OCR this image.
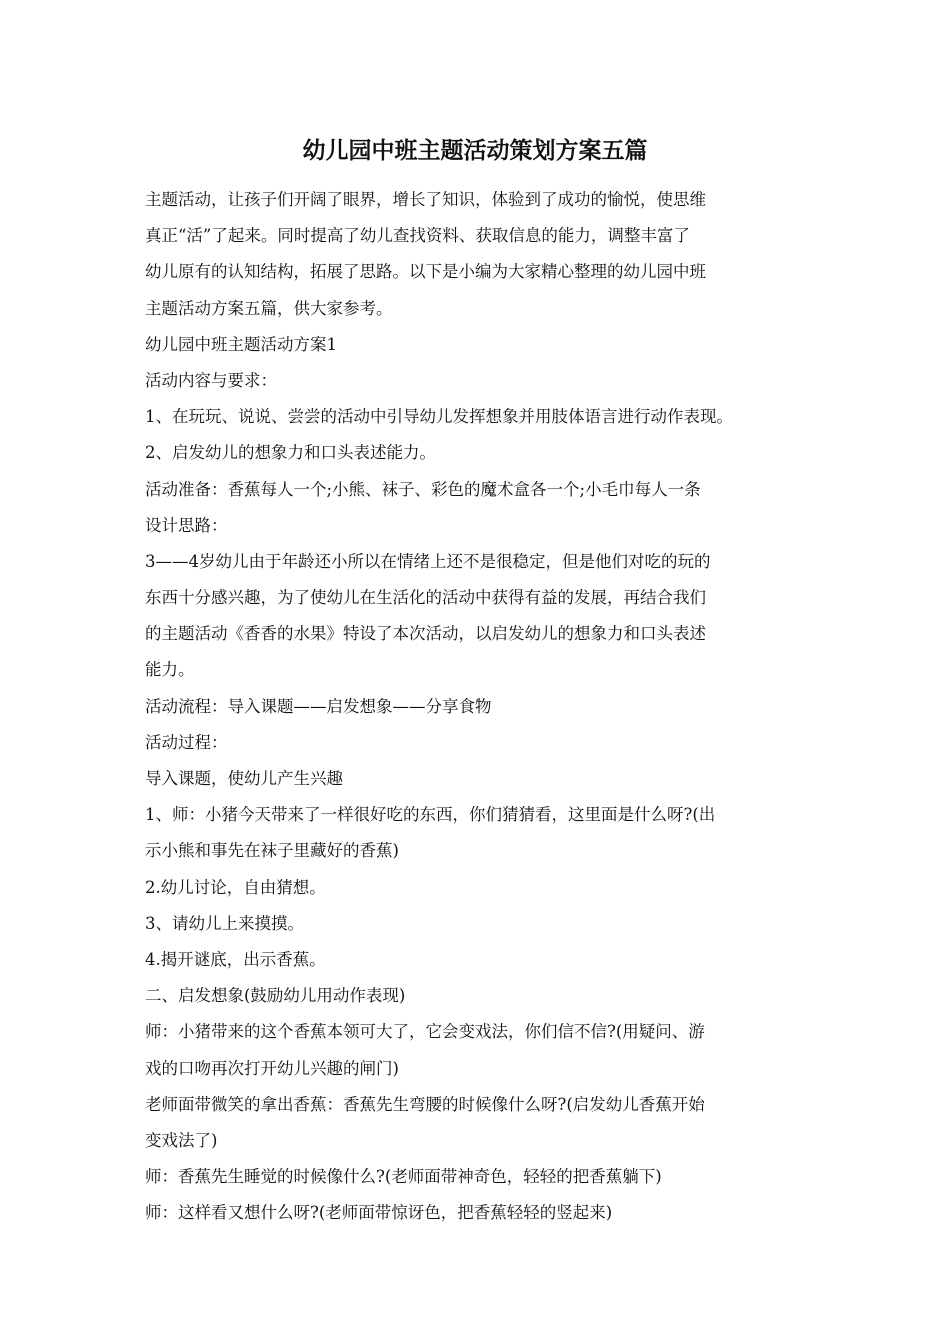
幼儿园中班主题活动策划方案五篇

主题活动，让孩子们开阔了眼界，增长了知识，体验到了成功的愉悦，使思维

真正“活”了起来。同时提高了幼儿查找资料、获取信息的能力，调整丰富了

幼儿原有的认知结构，拓展了思路。以下是小编为大家精心整理的幼儿园中班

主题活动方案五篇，供大家参考。

幼儿园中班主题活动方案1

活动内容与要求：

1、在玩玩、说说、尝尝的活动中引导幼儿发挥想象并用肢体语言进行动作表现。

2、启发幼儿的想象力和口头表述能力。

活动准备：香蕉每人一个;小熊、袜子、彩色的魔术盒各一个;小毛巾每人一条

设计思路：

3——4岁幼儿由于年龄还小所以在情绪上还不是很稳定，但是他们对吃的玩的

东西十分感兴趣，为了使幼儿在生活化的活动中获得有益的发展，再结合我们

的主题活动《香香的水果》特设了本次活动，以启发幼儿的想象力和口头表述

能力。

活动流程：导入课题——启发想象——分享食物

活动过程：

导入课题，使幼儿产生兴趣

1、师：小猪今天带来了一样很好吃的东西，你们猜猜看，这里面是什么呀?(出

示小熊和事先在袜子里藏好的香蕉)

2.幼儿讨论，自由猜想。

3、请幼儿上来摸摸。

4.揭开谜底，出示香蕉。

二、启发想象(鼓励幼儿用动作表现)

师：小猪带来的这个香蕉本领可大了，它会变戏法，你们信不信?(用疑问、游

戏的口吻再次打开幼儿兴趣的闸门)

老师面带微笑的拿出香蕉：香蕉先生弯腰的时候像什么呀?(启发幼儿香蕉开始

变戏法了)

师：香蕉先生睡觉的时候像什么?(老师面带神奇色，轻轻的把香蕉躺下)

师：这样看又想什么呀?(老师面带惊讶色，把香蕉轻轻的竖起来)
